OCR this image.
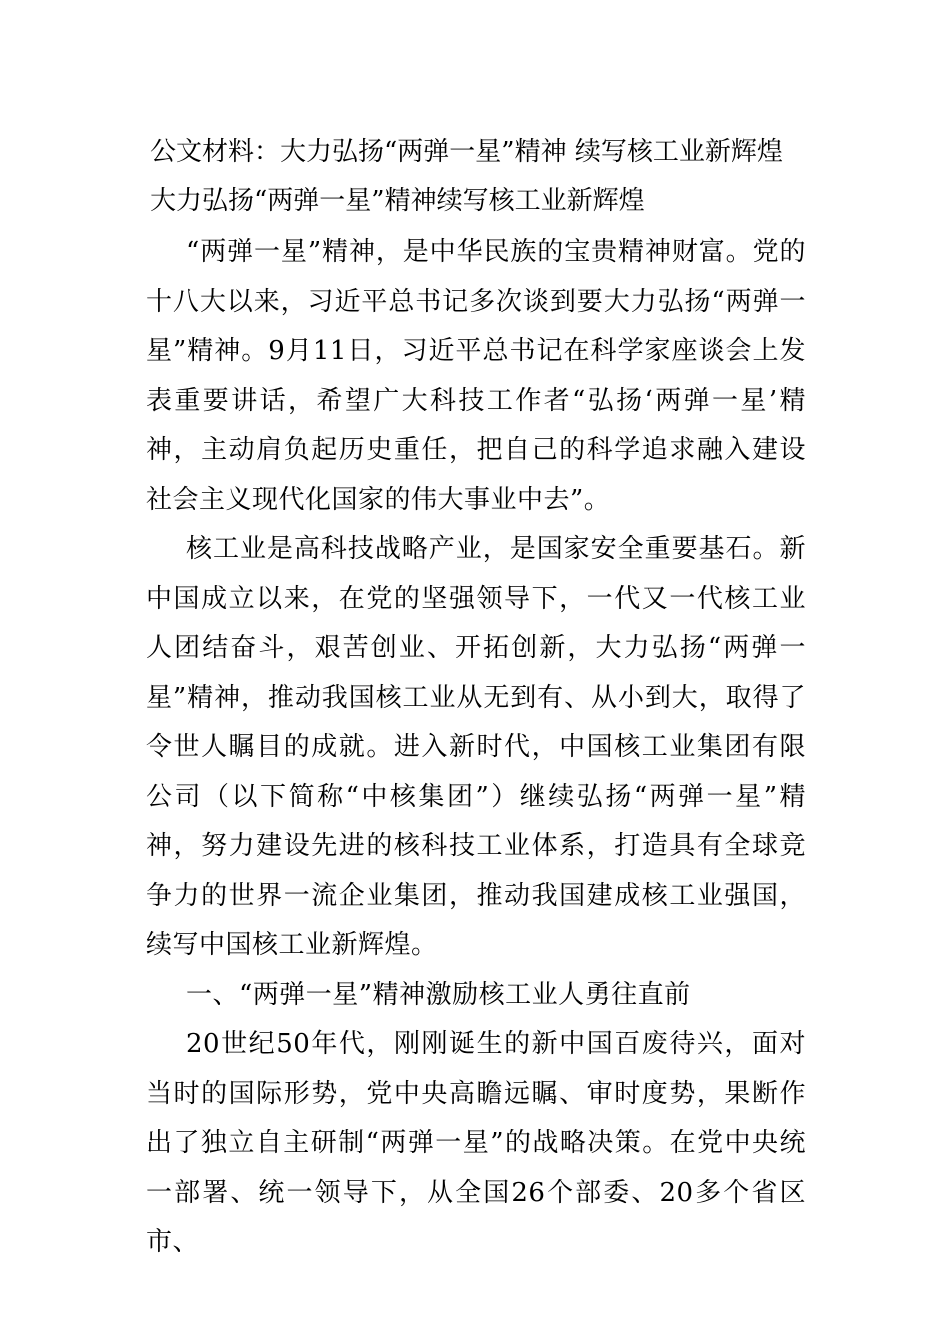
公文材料：大力弘扬“两弹一星”精神 续写核工业新辉煌
大力弘扬“两弹一星”精神续写核工业新辉煌

“两弹一星”精神，是中华民族的宝贵精神财富。党的十八大以来，习近平总书记多次谈到要大力弘扬“两弹一星”精神。9月11日，习近平总书记在科学家座谈会上发表重要讲话，希望广大科技工作者“弘扬‘两弹一星’精神，主动肩负起历史重任，把自己的科学追求融入建设社会主义现代化国家的伟大事业中去”。

核工业是高科技战略产业，是国家安全重要基石。新中国成立以来，在党的坚强领导下，一代又一代核工业人团结奋斗，艰苦创业、开拓创新，大力弘扬“两弹一星”精神，推动我国核工业从无到有、从小到大，取得了令世人瞩目的成就。进入新时代，中国核工业集团有限公司（以下简称“中核集团”）继续弘扬“两弹一星”精神，努力建设先进的核科技工业体系，打造具有全球竞争力的世界一流企业集团，推动我国建成核工业强国，续写中国核工业新辉煌。

一、“两弹一星”精神激励核工业人勇往直前

20世纪50年代，刚刚诞生的新中国百废待兴，面对当时的国际形势，党中央高瞻远瞩、审时度势，果断作出了独立自主研制“两弹一星”的战略决策。在党中央统一部署、统一领导下，从全国26个部委、20多个省区市、
